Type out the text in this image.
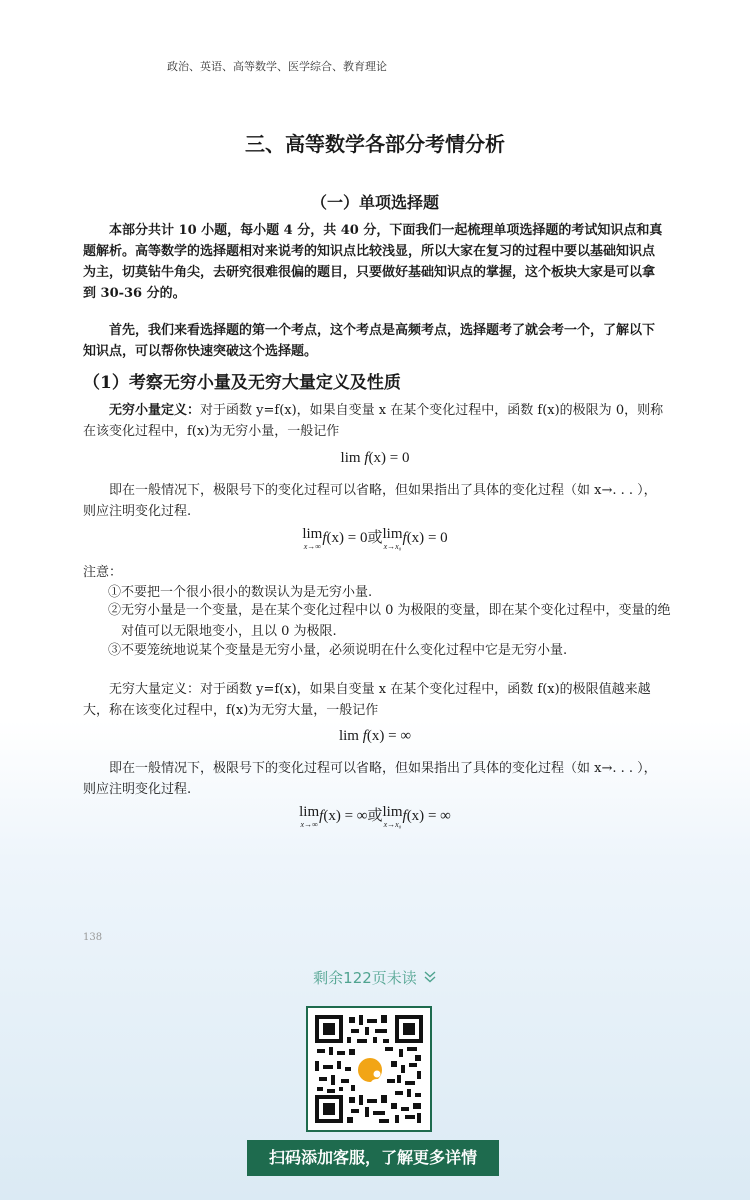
政治、英语、高等数学、医学综合、教育理论
三、高等数学各部分考情分析
（一）单项选择题

本部分共计 10 小题，每小题 4 分，共 40 分，下面我们一起梳理单项选择题的考试知识点和真题解析。高等数学的选择题相对来说考的知识点比较浅显，所以大家在复习的过程中要以基础知识点为主，切莫钻牛角尖，去研究很难很偏的题目，只要做好基础知识点的掌握，这个板块大家是可以拿到 30-36 分的。

首先，我们来看选择题的第一个考点，这个考点是高频考点，选择题考了就会考一个，了解以下知识点，可以帮你快速突破这个选择题。

（1）考察无穷小量及无穷大量定义及性质

无穷小量定义：对于函数 y=f(x)，如果自变量 x 在某个变化过程中，函数 f(x)的极限为 0，则称在该变化过程中，f(x)为无穷小量，一般记作

lim f(x) = 0

即在一般情况下，极限号下的变化过程可以省略，但如果指出了具体的变化过程（如 x→. . . ），则应注明变化过程.

lim
x→∞
f(x) = 0或lim
x→x₀
f(x) = 0
注意：

①不要把一个很小很小的数误认为是无穷小量.

②无穷小量是一个变量，是在某个变化过程中以 0 为极限的变量，即在某个变化过程中，变量的绝对值可以无限地变小，且以 0 为极限.

③不要笼统地说某个变量是无穷小量，必须说明在什么变化过程中它是无穷小量.

无穷大量定义：对于函数 y=f(x)，如果自变量 x 在某个变化过程中，函数 f(x)的极限值越来越大，称在该变化过程中，f(x)为无穷大量，一般记作

lim f(x) = ∞

即在一般情况下，极限号下的变化过程可以省略，但如果指出了具体的变化过程（如 x→. . . ），则应注明变化过程.

lim
x→∞
f(x) = ∞或lim
x→x₀
f(x) = ∞
138
剩余122页未读
扫码添加客服，了解更多详情
